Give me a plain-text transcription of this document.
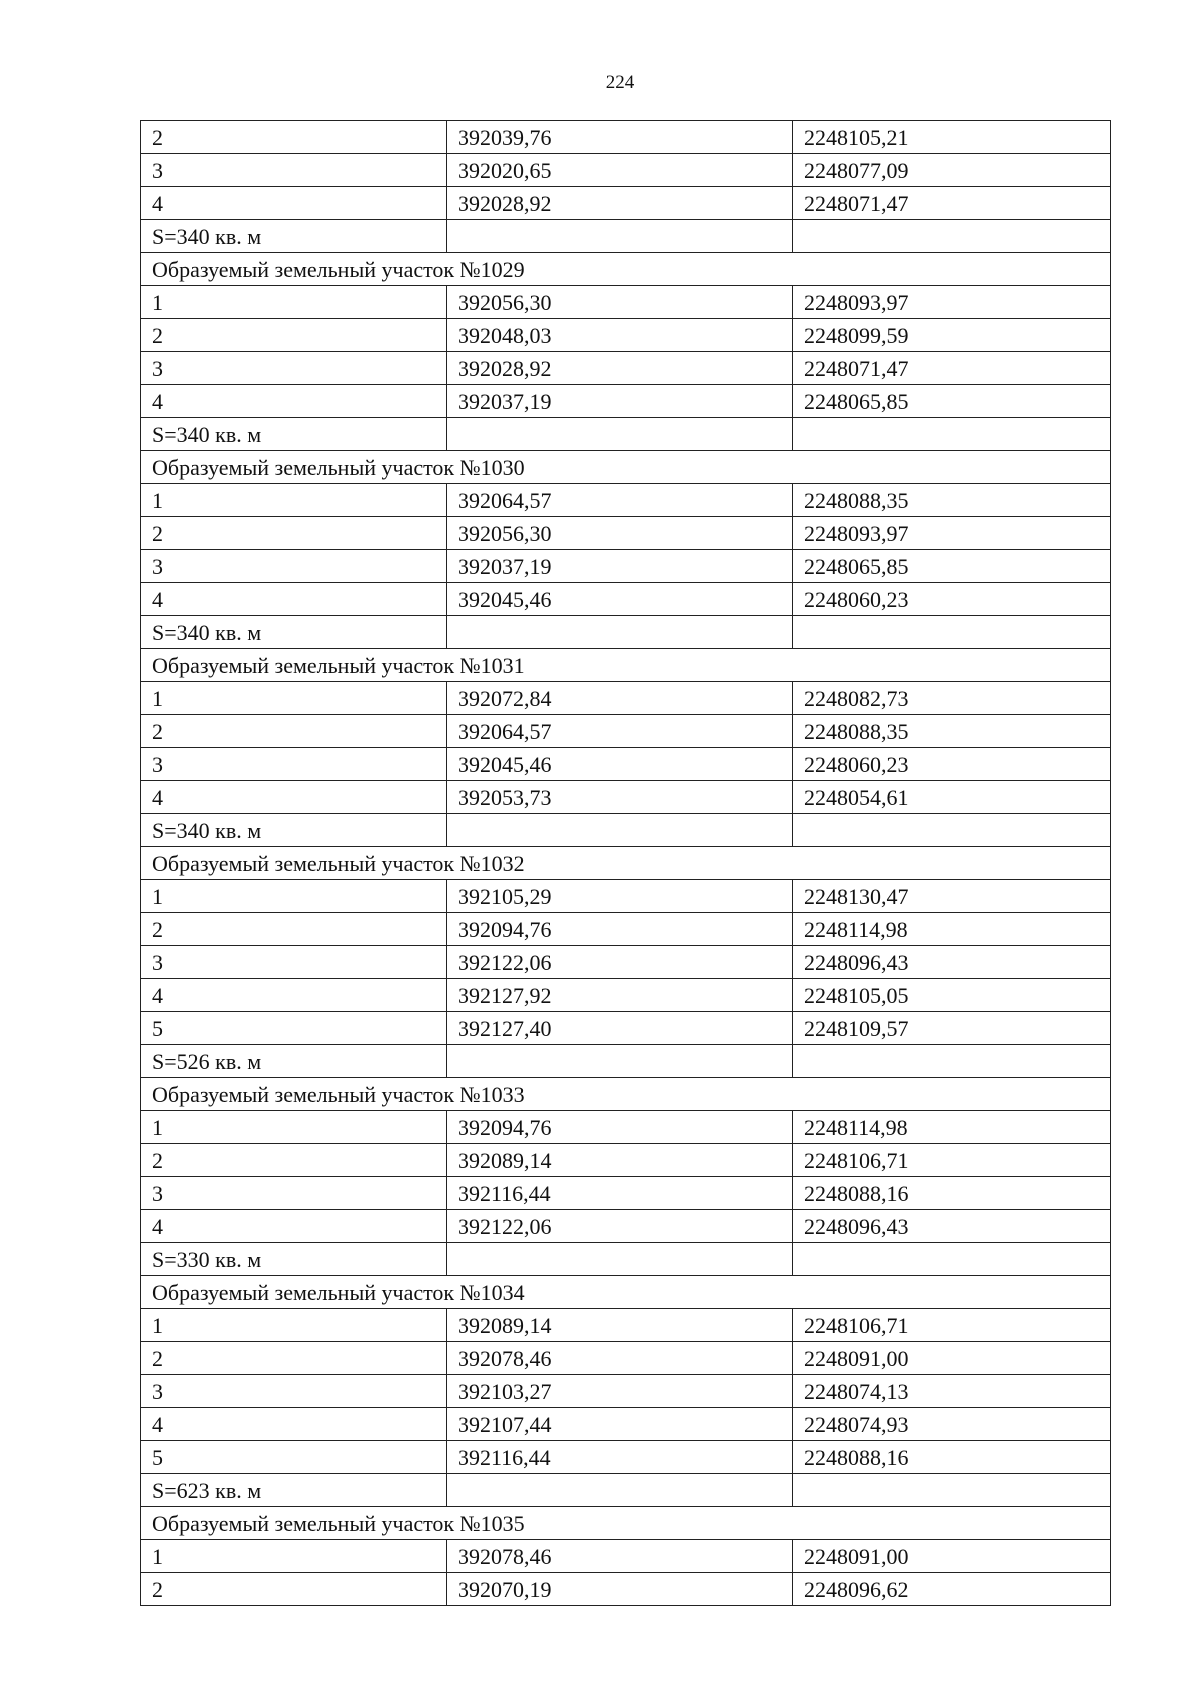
224
2	392039,76	2248105,21
3	392020,65	2248077,09
4	392028,92	2248071,47
S=340 кв. м		
Образуемый земельный участок №1029		
1	392056,30	2248093,97
2	392048,03	2248099,59
3	392028,92	2248071,47
4	392037,19	2248065,85
S=340 кв. м		
Образуемый земельный участок №1030		
1	392064,57	2248088,35
2	392056,30	2248093,97
3	392037,19	2248065,85
4	392045,46	2248060,23
S=340 кв. м		
Образуемый земельный участок №1031		
1	392072,84	2248082,73
2	392064,57	2248088,35
3	392045,46	2248060,23
4	392053,73	2248054,61
S=340 кв. м		
Образуемый земельный участок №1032		
1	392105,29	2248130,47
2	392094,76	2248114,98
3	392122,06	2248096,43
4	392127,92	2248105,05
5	392127,40	2248109,57
S=526 кв. м		
Образуемый земельный участок №1033		
1	392094,76	2248114,98
2	392089,14	2248106,71
3	392116,44	2248088,16
4	392122,06	2248096,43
S=330 кв. м		
Образуемый земельный участок №1034		
1	392089,14	2248106,71
2	392078,46	2248091,00
3	392103,27	2248074,13
4	392107,44	2248074,93
5	392116,44	2248088,16
S=623 кв. м		
Образуемый земельный участок №1035		
1	392078,46	2248091,00
2	392070,19	2248096,62
